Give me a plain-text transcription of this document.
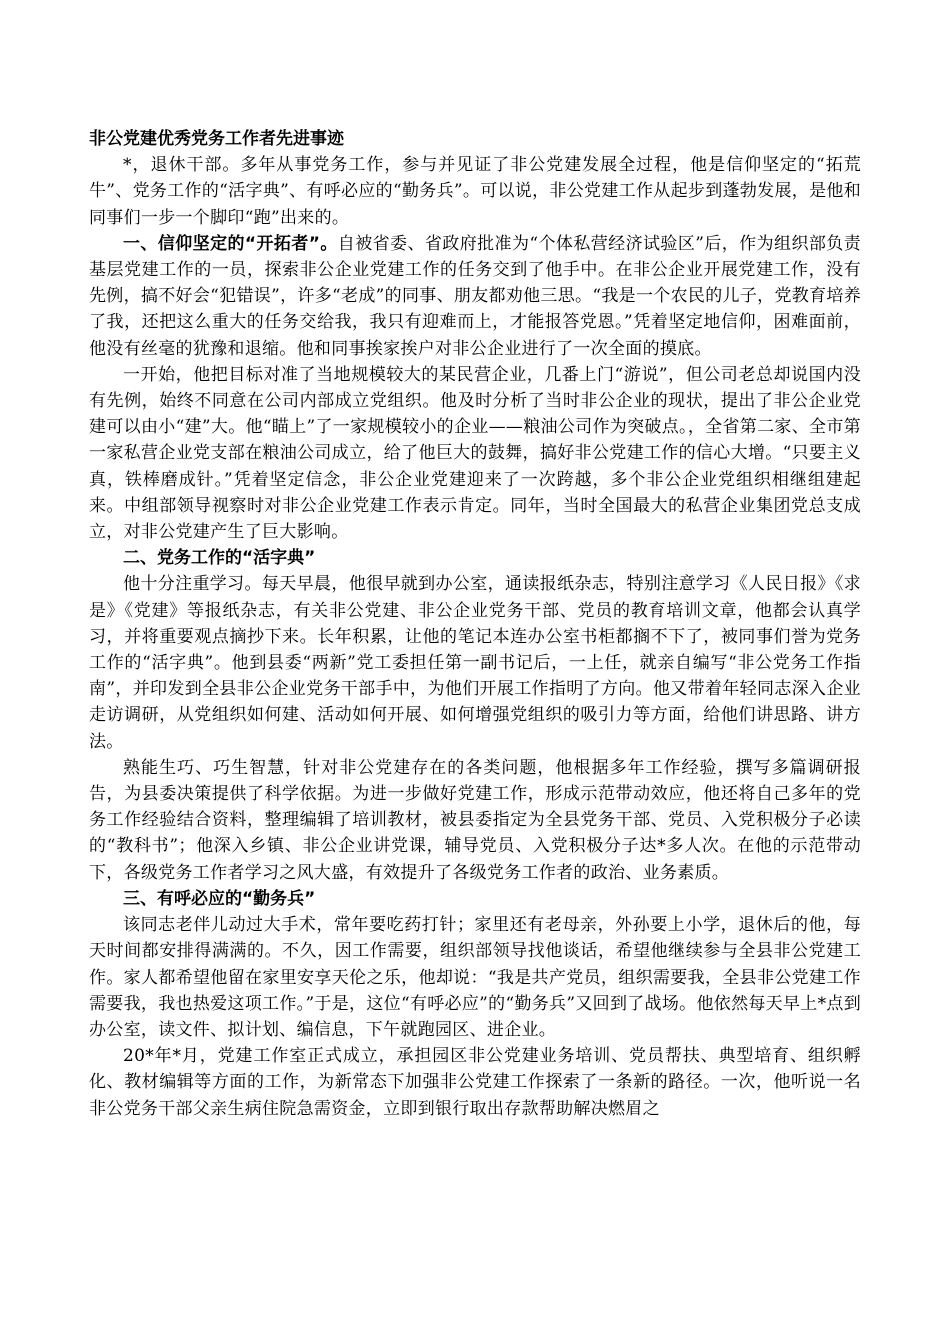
非公党建优秀党务工作者先进事迹

*，退休干部。多年从事党务工作，参与并见证了非公党建发展全过程，他是信仰坚定的“拓荒牛”、党务工作的“活字典”、有呼必应的“勤务兵”。可以说，非公党建工作从起步到蓬勃发展，是他和同事们一步一个脚印“跑”出来的。

一、信仰坚定的“开拓者”。自被省委、省政府批准为“个体私营经济试验区”后，作为组织部负责基层党建工作的一员，探索非公企业党建工作的任务交到了他手中。在非公企业开展党建工作，没有先例，搞不好会“犯错误”，许多“老成”的同事、朋友都劝他三思。“我是一个农民的儿子，党教育培养了我，还把这么重大的任务交给我，我只有迎难而上，才能报答党恩。”凭着坚定地信仰，困难面前，他没有丝毫的犹豫和退缩。他和同事挨家挨户对非公企业进行了一次全面的摸底。

一开始，他把目标对准了当地规模较大的某民营企业，几番上门“游说”，但公司老总却说国内没有先例，始终不同意在公司内部成立党组织。他及时分析了当时非公企业的现状，提出了非公企业党建可以由小“建”大。他“瞄上”了一家规模较小的企业——粮油公司作为突破点。，全省第二家、全市第一家私营企业党支部在粮油公司成立，给了他巨大的鼓舞，搞好非公党建工作的信心大增。“只要主义真，铁棒磨成针。”凭着坚定信念，非公企业党建迎来了一次跨越，多个非公企业党组织相继组建起来。中组部领导视察时对非公企业党建工作表示肯定。同年，当时全国最大的私营企业集团党总支成立，对非公党建产生了巨大影响。

二、党务工作的“活字典”

他十分注重学习。每天早晨，他很早就到办公室，通读报纸杂志，特别注意学习《人民日报》《求是》《党建》等报纸杂志，有关非公党建、非公企业党务干部、党员的教育培训文章，他都会认真学习，并将重要观点摘抄下来。长年积累，让他的笔记本连办公室书柜都搁不下了，被同事们誉为党务工作的“活字典”。他到县委“两新”党工委担任第一副书记后，一上任，就亲自编写“非公党务工作指南”，并印发到全县非公企业党务干部手中，为他们开展工作指明了方向。他又带着年轻同志深入企业走访调研，从党组织如何建、活动如何开展、如何增强党组织的吸引力等方面，给他们讲思路、讲方法。

熟能生巧、巧生智慧，针对非公党建存在的各类问题，他根据多年工作经验，撰写多篇调研报告，为县委决策提供了科学依据。为进一步做好党建工作，形成示范带动效应，他还将自己多年的党务工作经验结合资料，整理编辑了培训教材，被县委指定为全县党务干部、党员、入党积极分子必读的“教科书”；他深入乡镇、非公企业讲党课，辅导党员、入党积极分子达*多人次。在他的示范带动下，各级党务工作者学习之风大盛，有效提升了各级党务工作者的政治、业务素质。

三、有呼必应的“勤务兵”

该同志老伴儿动过大手术，常年要吃药打针；家里还有老母亲，外孙要上小学，退休后的他，每天时间都安排得满满的。不久，因工作需要，组织部领导找他谈话，希望他继续参与全县非公党建工作。家人都希望他留在家里安享天伦之乐，他却说：“我是共产党员，组织需要我，全县非公党建工作需要我，我也热爱这项工作。”于是，这位“有呼必应”的“勤务兵”又回到了战场。他依然每天早上*点到办公室，读文件、拟计划、编信息，下午就跑园区、进企业。

20*年*月，党建工作室正式成立，承担园区非公党建业务培训、党员帮扶、典型培育、组织孵化、教材编辑等方面的工作，为新常态下加强非公党建工作探索了一条新的路径。一次，他听说一名非公党务干部父亲生病住院急需资金，立即到银行取出存款帮助解决燃眉之
